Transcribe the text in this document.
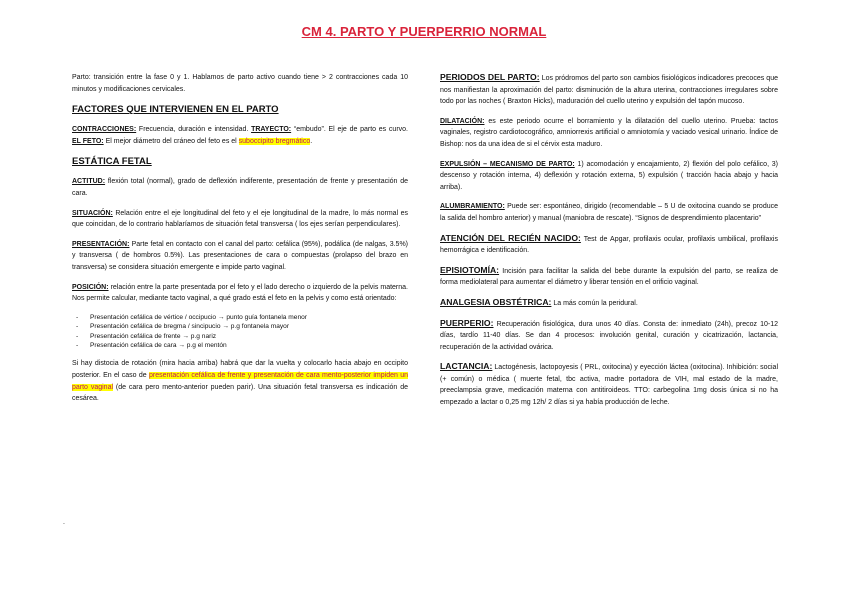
CM 4. PARTO Y PUERPERRIO NORMAL

Parto: transición entre la fase 0 y 1. Hablamos de parto activo cuando tiene > 2 contracciones cada 10 minutos y modificaciones cervicales.

FACTORES QUE INTERVIENEN EN EL PARTO

CONTRACCIONES: Frecuencia, duración e intensidad. TRAYECTO: “embudo”. El eje de parto es curvo. EL FETO: El mejor diámetro del cráneo del feto es el suboccipito bregmático.

ESTÁTICA FETAL

ACTITUD: flexión total (normal), grado de deflexión indiferente, presentación de frente y presentación de cara.

SITUACIÓN: Relación entre el eje longitudinal del feto y el eje longitudinal de la madre, lo más normal es que coincidan, de lo contrario hablaríamos de situación fetal transversa ( los ejes serían perpendiculares).

PRESENTACIÓN: Parte fetal en contacto con el canal del parto: cefálica (95%), podálica (de nalgas, 3.5%) y transversa ( de hombros 0.5%). Las presentaciones de cara o compuestas (prolapso del brazo en transversa) se considera situación emergente e impide parto vaginal.

POSICIÓN: relación entre la parte presentada por el feto y el lado derecho o izquierdo de la pelvis materna. Nos permite calcular, mediante tacto vaginal, a qué grado está el feto en la pelvis y como está orientado:

- Presentación cefálica de vértice / occipucio → punto guía fontanela menor
- Presentación cefálica de bregma / sincipucio → p.g fontanela mayor
- Presentación cefálica de frente → p.g nariz
- Presentación cefálica de cara → p.g el mentón

Si hay distocia de rotación (mira hacia arriba) habrá que dar la vuelta y colocarlo hacia abajo en occipito posterior. En el caso de presentación cefálica de frente y presentación de cara mento-posterior impiden un parto vaginal (de cara pero mento-anterior pueden parir). Una situación fetal transversa es indicación de cesárea.

.

PERIODOS DEL PARTO: Los pródromos del parto son cambios fisiológicos indicadores precoces que nos manifiestan la aproximación del parto: disminución de la altura uterina, contracciones irregulares sobre todo por las noches ( Braxton Hicks), maduración del cuello uterino y expulsión del tapón mucoso.

DILATACIÓN: es este periodo ocurre el borramiento y la dilatación del cuello uterino. Prueba: tactos vaginales, registro cardiotocográfico, amniorrexis artificial o amniotomía y vaciado vesical urinario. Índice de Bishop: nos da una idea de si el cérvix esta maduro.

EXPULSIÓN – MECANISMO DE PARTO: 1) acomodación y encajamiento, 2) flexión del polo cefálico, 3) descenso y rotación interna, 4) deflexión y rotación externa, 5) expulsión ( tracción hacia abajo y hacia arriba).

ALUMBRAMIENTO: Puede ser: espontáneo, dirigido (recomendable – 5 U de oxitocina cuando se produce la salida del hombro anterior) y manual (maniobra de rescate). “Signos de desprendimiento placentario”

ATENCIÓN DEL RECIÉN NACIDO: Test de Apgar, profilaxis ocular, profilaxis umbilical, profilaxis hemorrágica e identificación.

EPISIOTOMÍA: Incisión para facilitar la salida del bebe durante la expulsión del parto, se realiza de forma mediolateral para aumentar el diámetro y liberar tensión en el orificio vaginal.

ANALGESIA OBSTÉTRICA: La más común la peridural.

PUERPERIO: Recuperación fisiológica, dura unos 40 días. Consta de: inmediato (24h), precoz 10-12 días, tardío 11-40 días. Se dan 4 procesos: involución genital, curación y cicatrización, lactancia, recuperación de la actividad ovárica.

LACTANCIA: Lactogénesis, lactopoyesis ( PRL, oxitocina) y eyección láctea (oxitocina). Inhibición: social (+ común) o médica ( muerte fetal, tbc activa, madre portadora de VIH, mal estado de la madre, preeclampsia grave, medicación materna con antitiroideos. TTO: carbegolina 1mg dosis única si no ha empezado a lactar o 0,25 mg 12h/ 2 días si ya había producción de leche.
